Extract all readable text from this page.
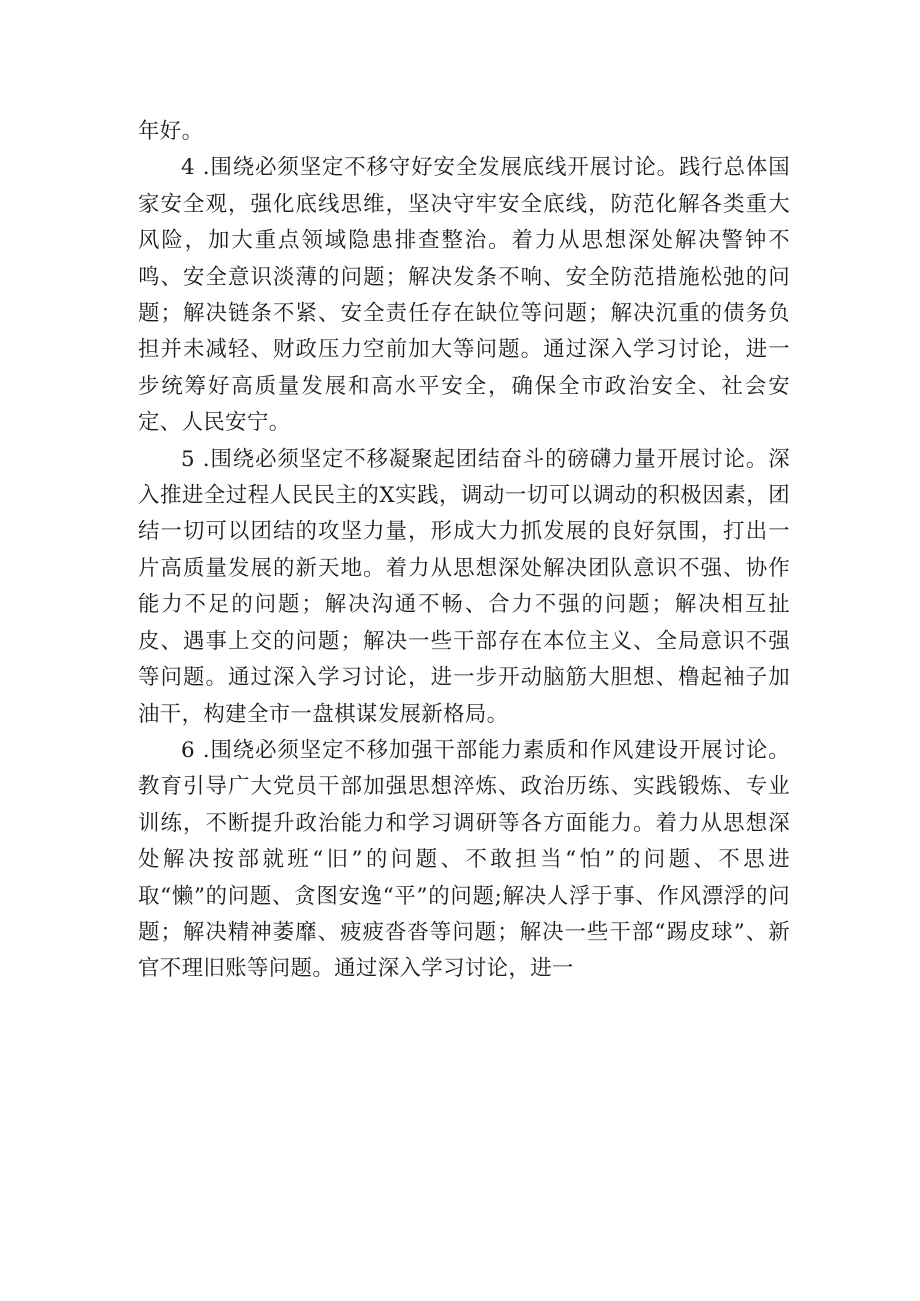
年好。

4 .围绕必须坚定不移守好安全发展底线开展讨论。践行总体国家安全观，强化底线思维，坚决守牢安全底线，防范化解各类重大风险，加大重点领域隐患排查整治。着力从思想深处解决警钟不鸣、安全意识淡薄的问题；解决发条不响、安全防范措施松弛的问题；解决链条不紧、安全责任存在缺位等问题；解决沉重的债务负担并未减轻、财政压力空前加大等问题。通过深入学习讨论，进一步统筹好高质量发展和高水平安全，确保全市政治安全、社会安定、人民安宁。

5 .围绕必须坚定不移凝聚起团结奋斗的磅礴力量开展讨论。深入推进全过程人民民主的X实践，调动一切可以调动的积极因素，团结一切可以团结的攻坚力量，形成大力抓发展的良好氛围，打出一片高质量发展的新天地。着力从思想深处解决团队意识不强、协作能力不足的问题；解决沟通不畅、合力不强的问题；解决相互扯皮、遇事上交的问题；解决一些干部存在本位主义、全局意识不强等问题。通过深入学习讨论，进一步开动脑筋大胆想、橹起袖子加油干，构建全市一盘棋谋发展新格局。

6 .围绕必须坚定不移加强干部能力素质和作风建设开展讨论。教育引导广大党员干部加强思想淬炼、政治历练、实践锻炼、专业训练，不断提升政治能力和学习调研等各方面能力。着力从思想深处解决按部就班“旧”的问题、不敢担当“怕”的问题、不思进取“懒”的问题、贪图安逸“平”的问题;解决人浮于事、作风漂浮的问题；解决精神萎靡、疲疲沓沓等问题；解决一些干部“踢皮球”、新官不理旧账等问题。通过深入学习讨论，进一
